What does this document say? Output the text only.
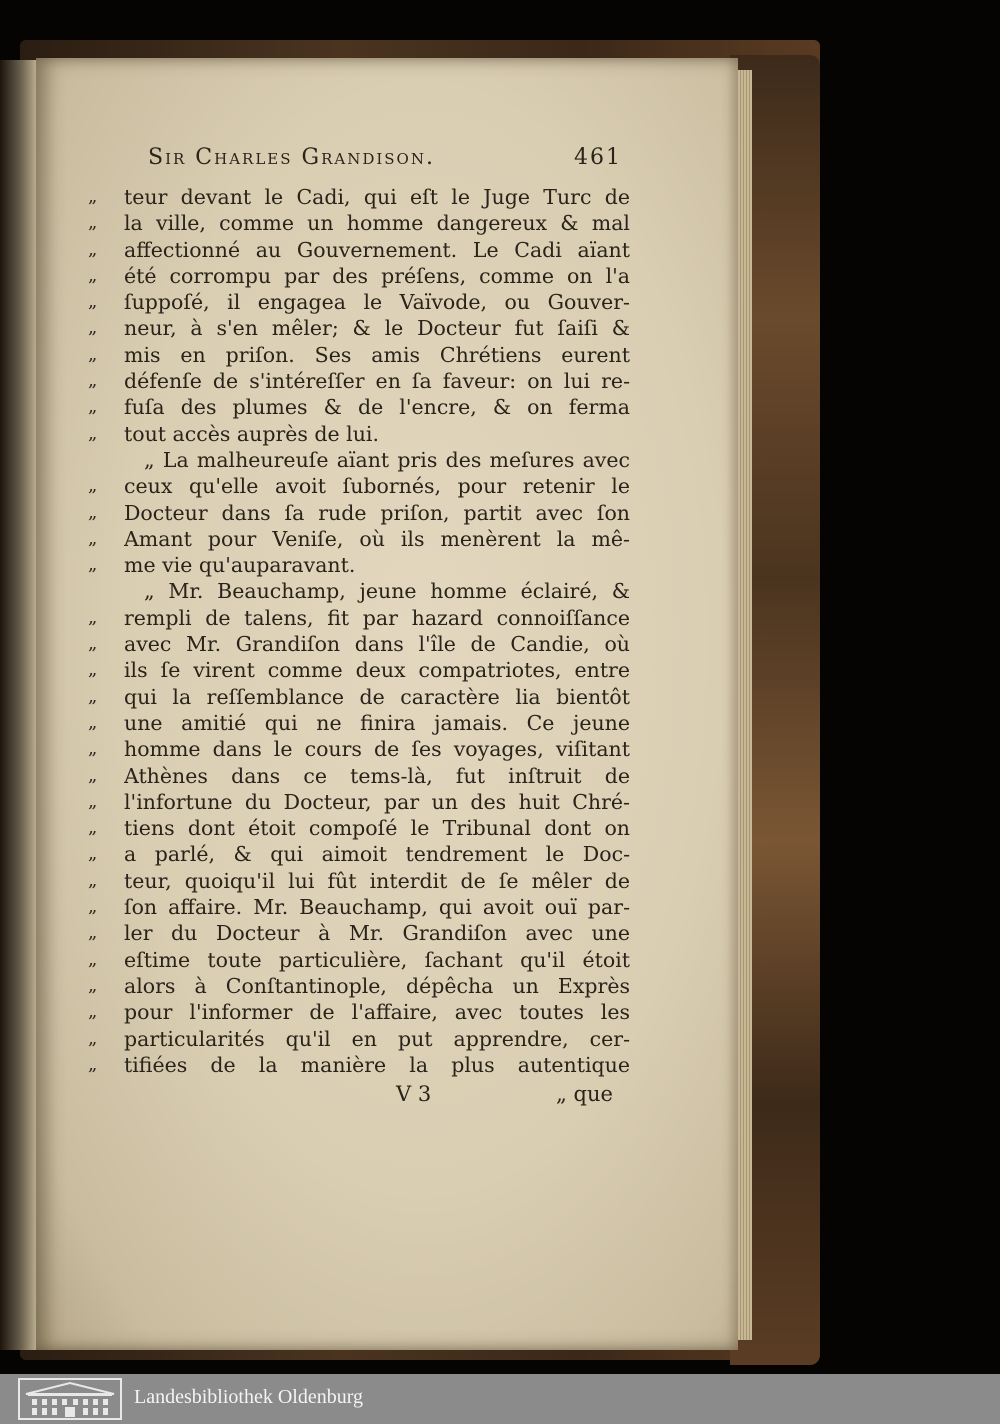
Sir Charles Grandison.	461
„	teur devant le Cadi, qui eſt le Juge Turc de
„	la ville, comme un homme dangereux & mal
„	affectionné au Gouvernement. Le Cadi aïant
„	été corrompu par des préſens, comme on l'a
„	ſuppoſé, il engagea le Vaïvode, ou Gouver-
„	neur, à s'en mêler; & le Docteur fut ſaiſi &
„	mis en priſon. Ses amis Chrétiens eurent
„	défenſe de s'intéreſſer en ſa faveur: on lui re-
„	fuſa des plumes & de l'encre, & on ferma
„	tout accès auprès de lui.
„ La malheureuſe aïant pris des meſures avec
„	ceux qu'elle avoit ſubornés, pour retenir le
„	Docteur dans ſa rude priſon, partit avec ſon
„	Amant pour Veniſe, où ils menèrent la mê-
„	me vie qu'auparavant.
„ Mr. Beauchamp, jeune homme éclairé, &
„	rempli de talens, fit par hazard connoiſſance
„	avec Mr. Grandiſon dans l'île de Candie, où
„	ils ſe virent comme deux compatriotes, entre
„	qui la reſſemblance de caractère lia bientôt
„	une amitié qui ne finira jamais. Ce jeune
„	homme dans le cours de ſes voyages, viſitant
„	Athènes dans ce tems-là, fut inſtruit de
„	l'infortune du Docteur, par un des huit Chré-
„	tiens dont étoit compoſé le Tribunal dont on
„	a parlé, & qui aimoit tendrement le Doc-
„	teur, quoiqu'il lui fût interdit de ſe mêler de
„	ſon affaire. Mr. Beauchamp, qui avoit ouï par-
„	ler du Docteur à Mr. Grandiſon avec une
„	eſtime toute particulière, ſachant qu'il étoit
„	alors à Conſtantinople, dépêcha un Exprès
„	pour l'informer de l'affaire, avec toutes les
„	particularités qu'il en put apprendre, cer-
„	tifiées de la manière la plus autentique
V 3	„ que
Landesbibliothek Oldenburg
